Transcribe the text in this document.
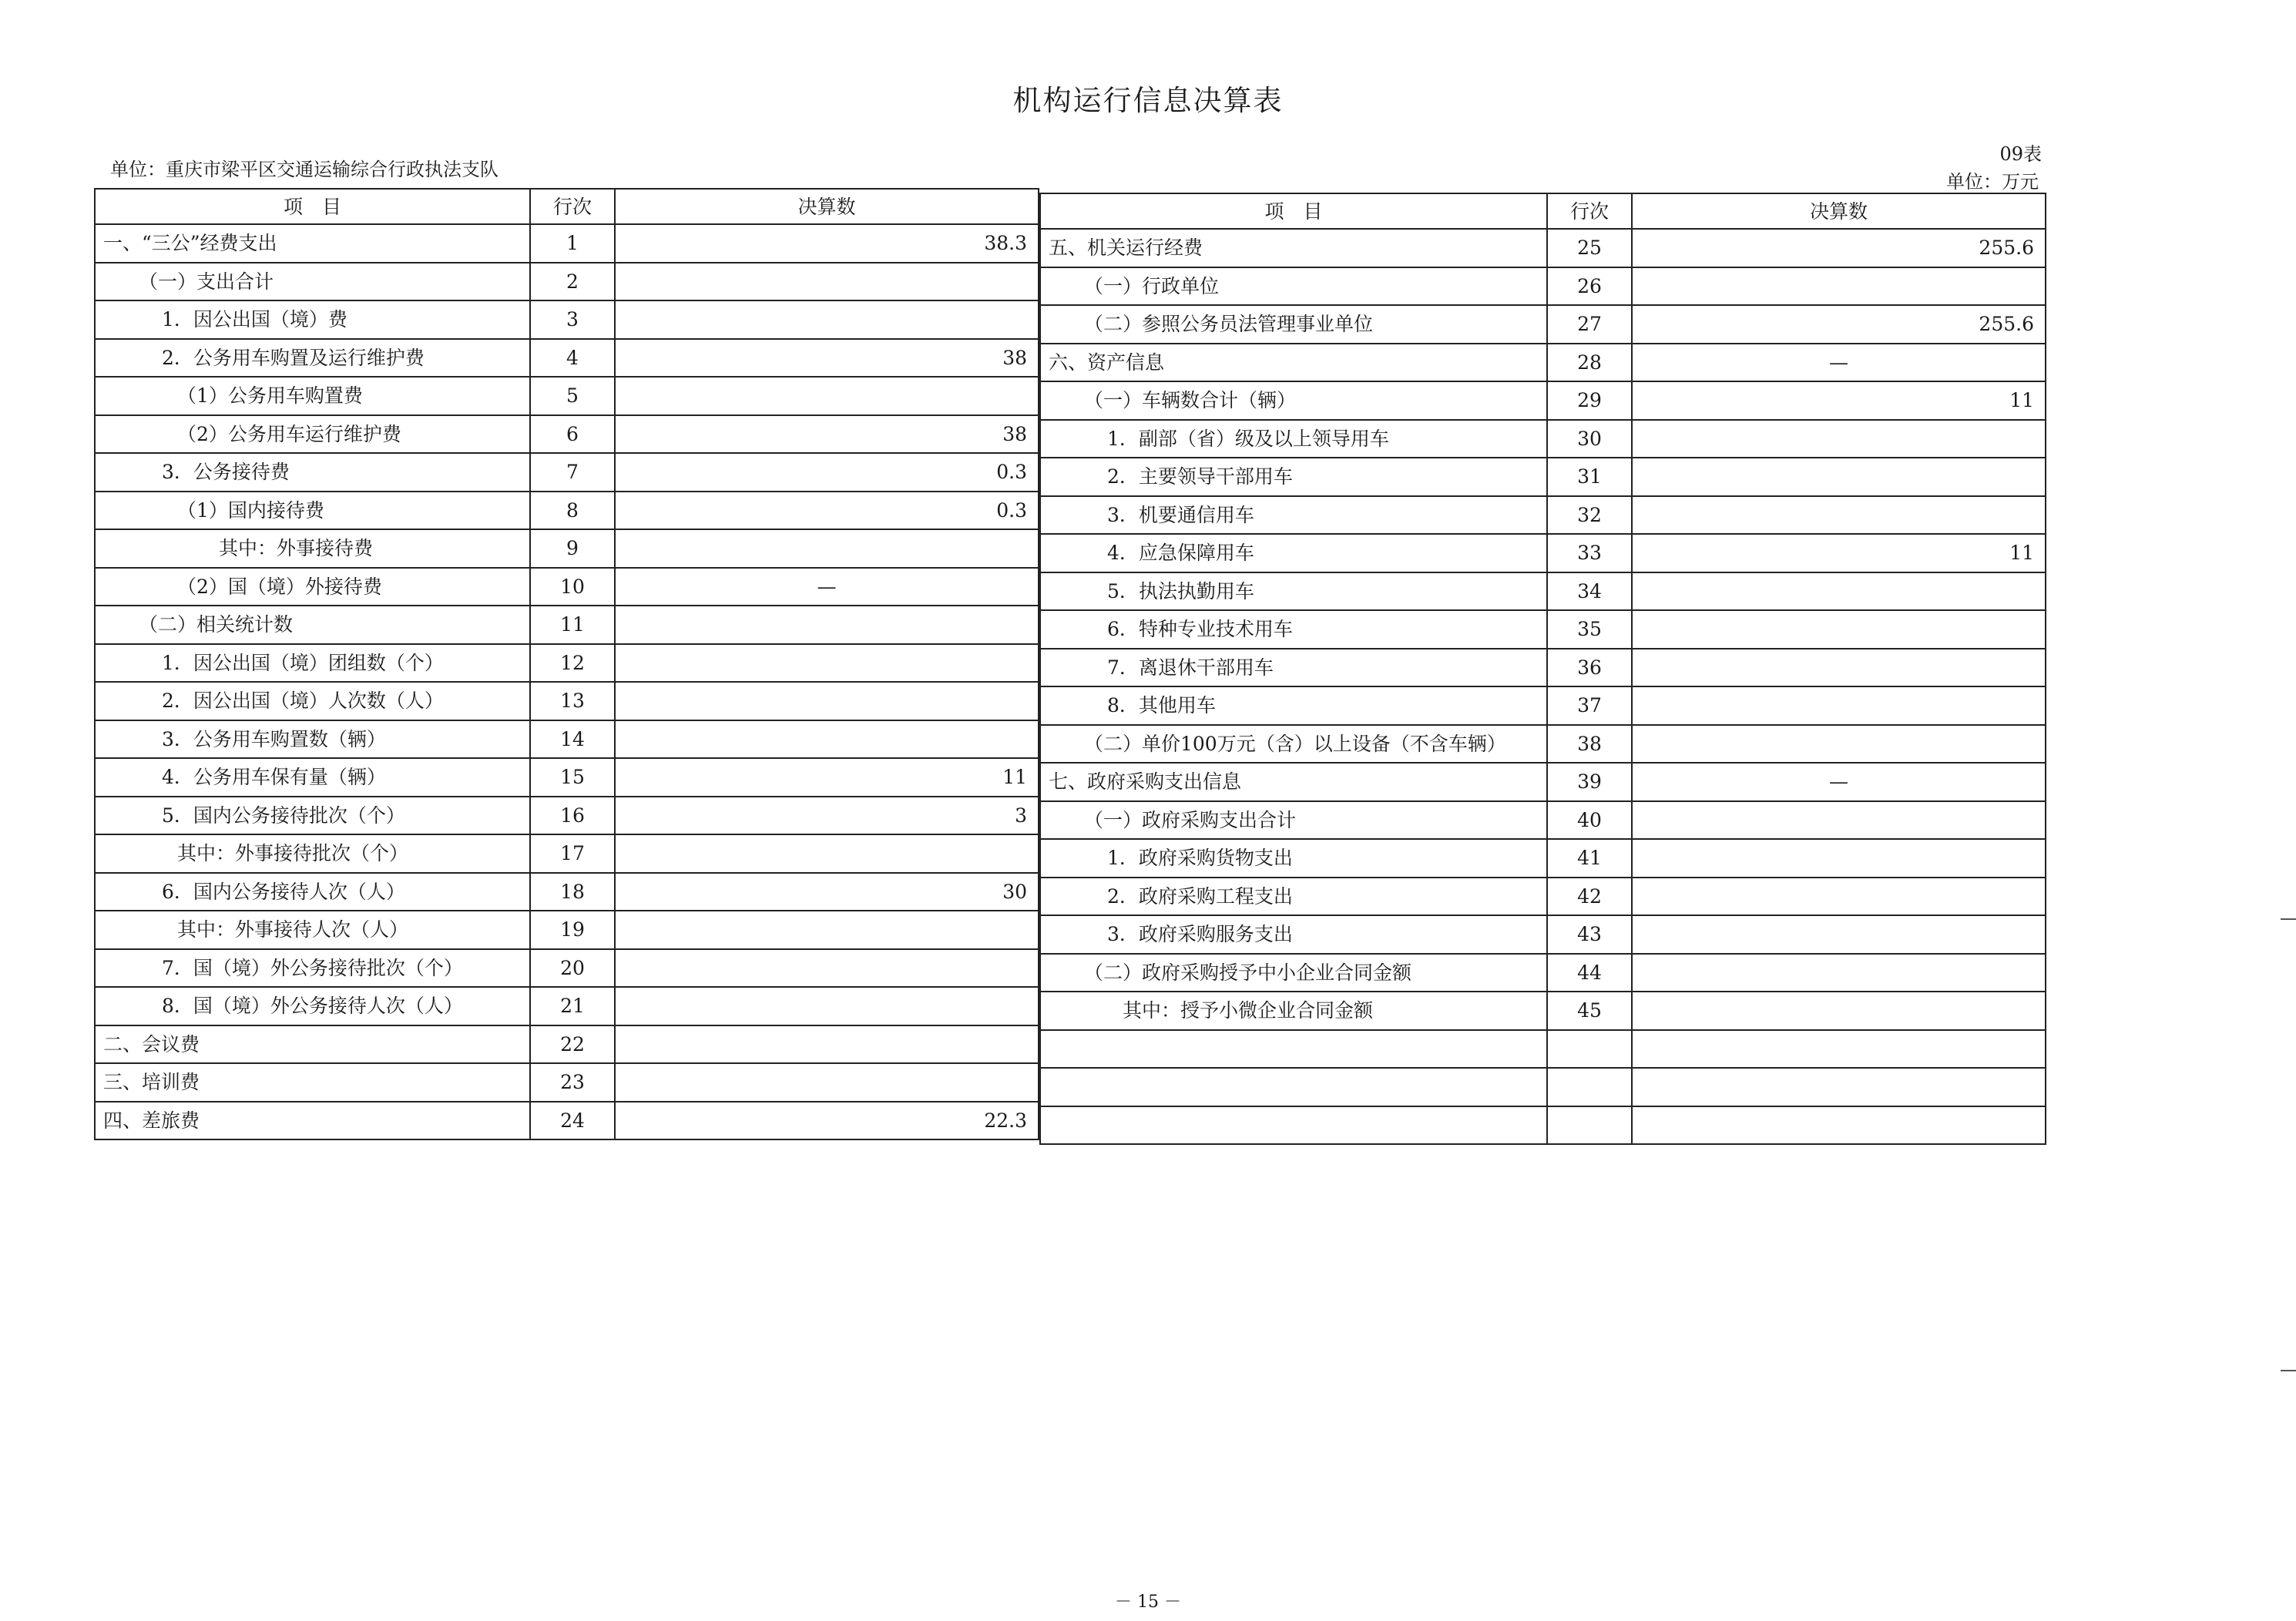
机构运行信息决算表
单位：重庆市梁平区交通运输综合行政执法支队
09表
单位：万元
项　目	行次	决算数
一、“三公”经费支出	1	38.3
（一）支出合计	2	
1．因公出国（境）费	3	
2．公务用车购置及运行维护费	4	38
（1）公务用车购置费	5	
（2）公务用车运行维护费	6	38
3．公务接待费	7	0.3
（1）国内接待费	8	0.3
其中：外事接待费	9	
（2）国（境）外接待费	10	—
（二）相关统计数	11	
1．因公出国（境）团组数（个）	12	
2．因公出国（境）人次数（人）	13	
3．公务用车购置数（辆）	14	
4．公务用车保有量（辆）	15	11
5．国内公务接待批次（个）	16	3
其中：外事接待批次（个）	17	
6．国内公务接待人次（人）	18	30
其中：外事接待人次（人）	19	
7．国（境）外公务接待批次（个）	20	
8．国（境）外公务接待人次（人）	21	
二、会议费	22	
三、培训费	23	
四、差旅费	24	22.3
项　目	行次	决算数
五、机关运行经费	25	255.6
（一）行政单位	26	
（二）参照公务员法管理事业单位	27	255.6
六、资产信息	28	—
（一）车辆数合计（辆）	29	11
1．副部（省）级及以上领导用车	30	
2．主要领导干部用车	31	
3．机要通信用车	32	
4．应急保障用车	33	11
5．执法执勤用车	34	
6．特种专业技术用车	35	
7．离退休干部用车	36	
8．其他用车	37	
（二）单价100万元（含）以上设备（不含车辆）	38	
七、政府采购支出信息	39	—
（一）政府采购支出合计	40	
1．政府采购货物支出	41	
2．政府采购工程支出	42	
3．政府采购服务支出	43	
（二）政府采购授予中小企业合同金额	44	
其中：授予小微企业合同金额	45	

－ 15 －
